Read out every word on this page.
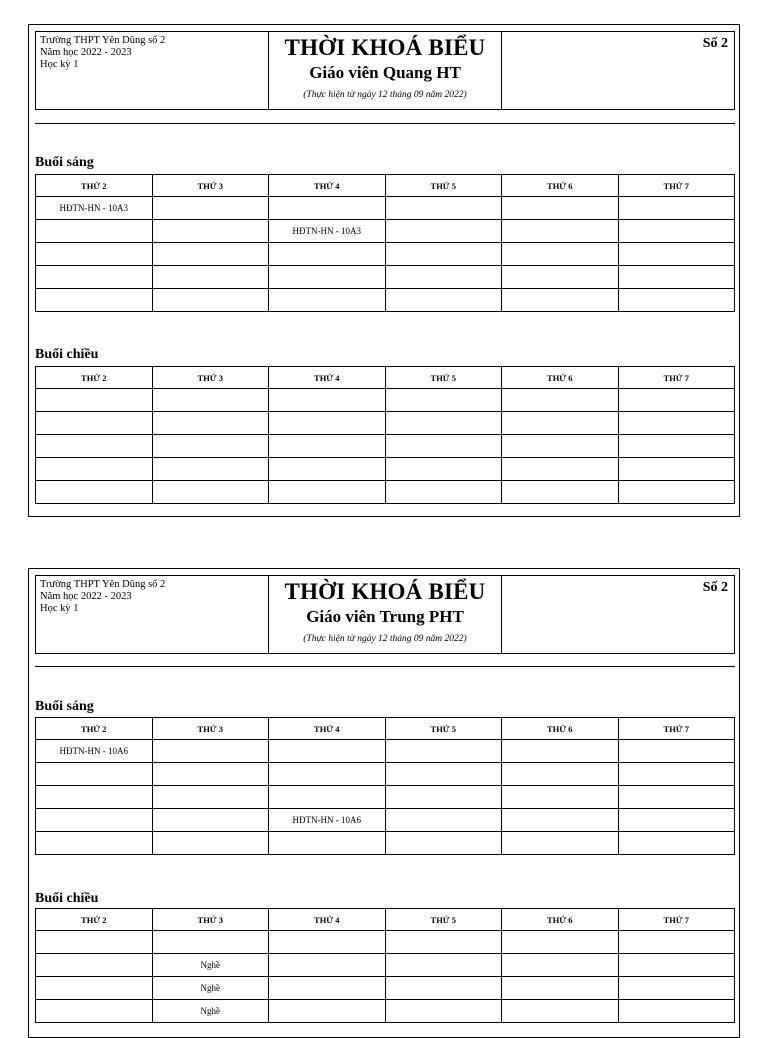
Trường THPT Yên Dũng số 2
Năm học 2022 - 2023
Học kỳ 1
THỜI KHOÁ BIỂU
Giáo viên Quang HT
(Thực hiện từ ngày 12 tháng 09 năm 2022)
Số 2
Buổi sáng
THỨ 2	THỨ 3	THỨ 4	THỨ 5	THỨ 6	THỨ 7
HĐTN-HN - 10A3					
		HĐTN-HN - 10A3			

Buổi chiều
THỨ 2	THỨ 3	THỨ 4	THỨ 5	THỨ 6	THỨ 7

Trường THPT Yên Dũng số 2
Năm học 2022 - 2023
Học kỳ 1
THỜI KHOÁ BIỂU
Giáo viên Trung PHT
(Thực hiện từ ngày 12 tháng 09 năm 2022)
Số 2
Buổi sáng
THỨ 2	THỨ 3	THỨ 4	THỨ 5	THỨ 6	THỨ 7
HĐTN-HN - 10A6					

		HĐTN-HN - 10A6			

Buổi chiều
THỨ 2	THỨ 3	THỨ 4	THỨ 5	THỨ 6	THỨ 7

	Nghề				
	Nghề				
	Nghề				
